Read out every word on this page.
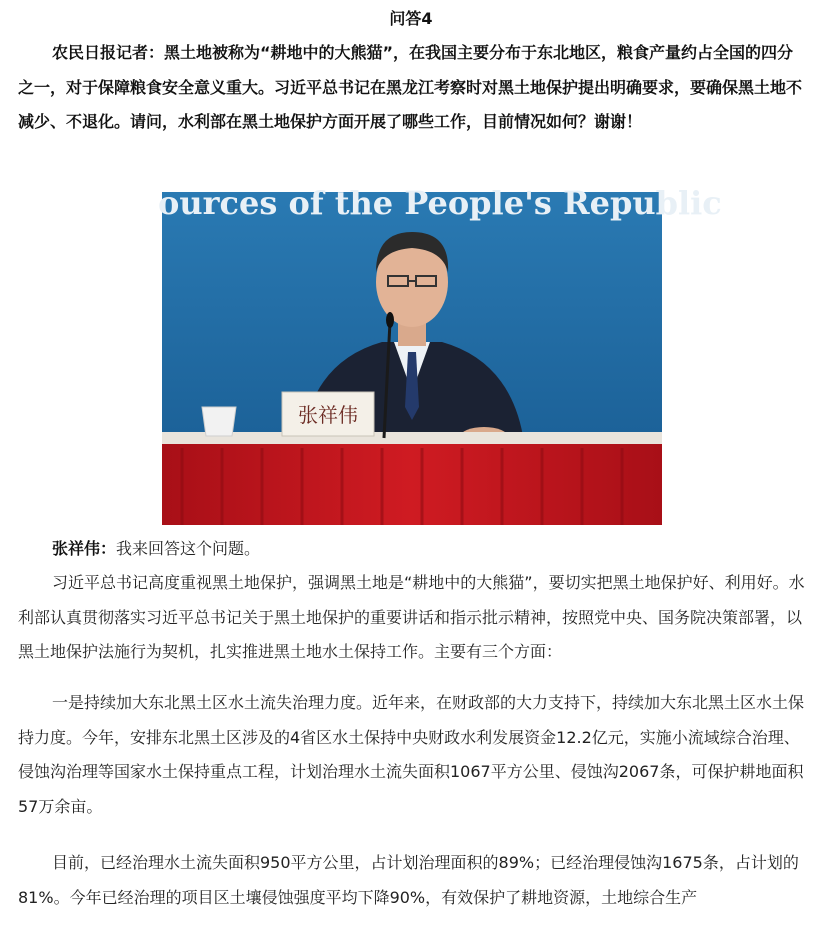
问答4
农民日报记者：黑土地被称为“耕地中的大熊猫”，在我国主要分布于东北地区，粮食产量约占全国的四分之一，对于保障粮食安全意义重大。习近平总书记在黑龙江考察时对黑土地保护提出明确要求，要确保黑土地不减少、不退化。请问，水利部在黑土地保护方面开展了哪些工作，目前情况如何？谢谢！
ources of the People's Republic
张祥伟
张祥伟：我来回答这个问题。
习近平总书记高度重视黑土地保护，强调黑土地是“耕地中的大熊猫”，要切实把黑土地保护好、利用好。水利部认真贯彻落实习近平总书记关于黑土地保护的重要讲话和指示批示精神，按照党中央、国务院决策部署，以黑土地保护法施行为契机，扎实推进黑土地水土保持工作。主要有三个方面：
一是持续加大东北黑土区水土流失治理力度。近年来，在财政部的大力支持下，持续加大东北黑土区水土保持力度。今年，安排东北黑土区涉及的4省区水土保持中央财政水利发展资金12.2亿元，实施小流域综合治理、侵蚀沟治理等国家水土保持重点工程，计划治理水土流失面积1067平方公里、侵蚀沟2067条，可保护耕地面积57万余亩。
目前，已经治理水土流失面积950平方公里，占计划治理面积的89%；已经治理侵蚀沟1675条，占计划的81%。今年已经治理的项目区土壤侵蚀强度平均下降90%，有效保护了耕地资源，土地综合生产
